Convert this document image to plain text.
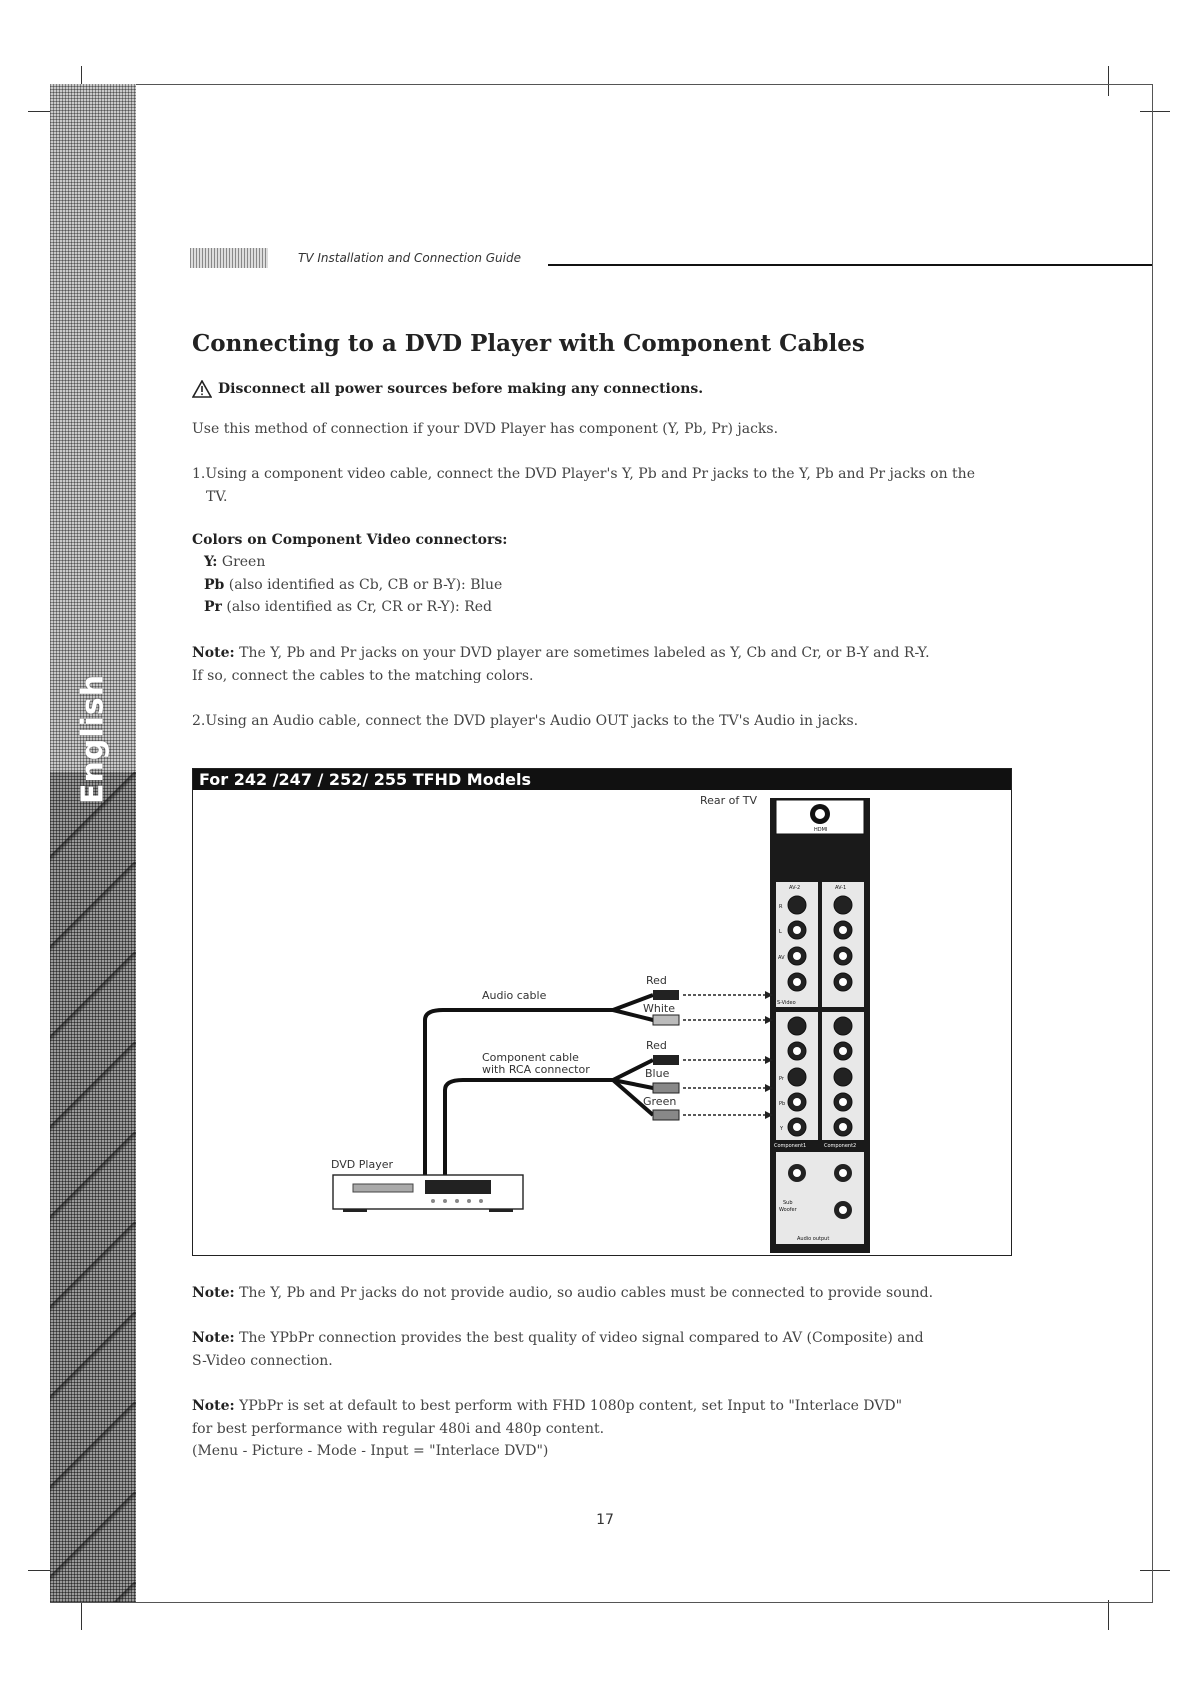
English
TV Installation and Connection Guide
Connecting to a DVD Player with Component Cables
Disconnect all power sources before making any connections.
Use this method of connection if your DVD Player has component (Y, Pb, Pr) jacks.
1.Using a component video cable, connect the DVD Player's Y, Pb and Pr jacks to the Y, Pb and Pr jacks on the
TV.
Colors on Component Video connectors:
Y: Green
Pb (also identified as Cb, CB or B-Y): Blue
Pr (also identified as Cr, CR or R-Y): Red
Note: The Y, Pb and Pr jacks on your DVD player are sometimes labeled as Y, Cb and Cr, or B-Y and R-Y.
If so, connect the cables to the matching colors.
2.Using an Audio cable, connect the DVD player's Audio OUT jacks to the TV's Audio in jacks.
For 242 /247 / 252/ 255 TFHD Models
HDMI
AV-2	AV-1
R
L
AV
S-Video
Pr
Pb
Y
Component1	Component2
Sub
Woofer
Audio output
Rear of TV
Red
White
Red
Blue
Green
Audio cable
Component cable
with RCA connector
DVD Player
Note: The Y, Pb and Pr jacks do not provide audio, so audio cables must be connected to provide sound.
Note: The YPbPr connection provides the best quality of video signal compared to AV (Composite) and
S-Video connection.
Note: YPbPr is set at default to best perform with FHD 1080p content, set Input to "Interlace DVD"
for best performance with regular 480i and 480p content.
(Menu - Picture - Mode - Input = "Interlace DVD")
17
